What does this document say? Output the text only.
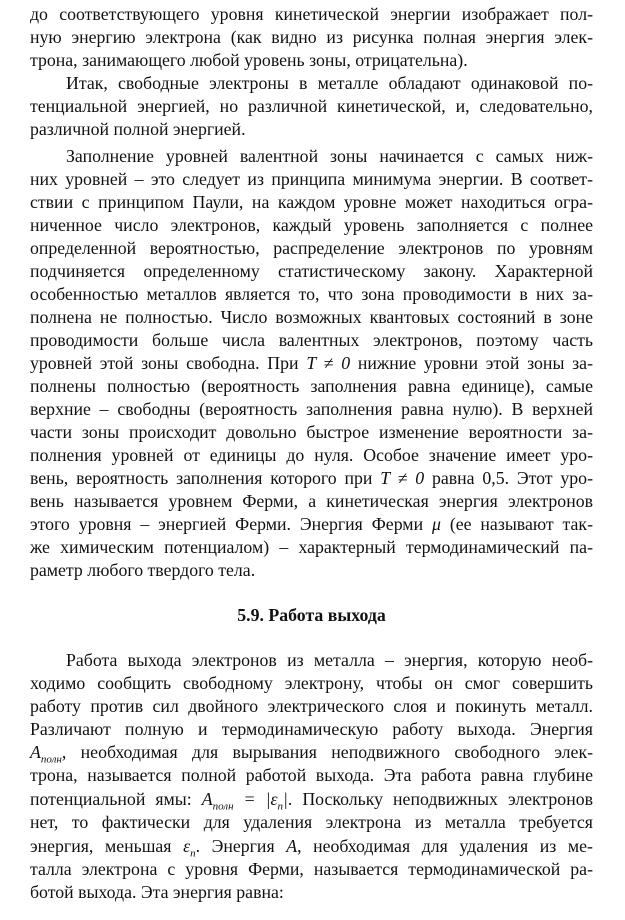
до соответствующего уровня кинетической энергии изображает пол-
ную энергию электрона (как видно из рисунка полная энергия элек-
трона, занимающего любой уровень зоны, отрицательна).
Итак, свободные электроны в металле обладают одинаковой по-
тенциальной энергией, но различной кинетической, и, следовательно,
различной полной энергией.
Заполнение уровней валентной зоны начинается с самых ниж-
них уровней – это следует из принципа минимума энергии. В соответ-
ствии с принципом Паули, на каждом уровне может находиться огра-
ниченное число электронов, каждый уровень заполняется с полнее
определенной вероятностью, распределение электронов по уровням
подчиняется определенному статистическому закону. Характерной
особенностью металлов является то, что зона проводимости в них за-
полнена не полностью. Число возможных квантовых состояний в зоне
проводимости больше числа валентных электронов, поэтому часть
уровней этой зоны свободна. При T ≠ 0 нижние уровни этой зоны за-
полнены полностью (вероятность заполнения равна единице), самые
верхние – свободны (вероятность заполнения равна нулю). В верхней
части зоны происходит довольно быстрое изменение вероятности за-
полнения уровней от единицы до нуля. Особое значение имеет уро-
вень, вероятность заполнения которого при T ≠ 0 равна 0,5. Этот уро-
вень называется уровнем Ферми, а кинетическая энергия электронов
этого уровня – энергией Ферми. Энергия Ферми μ (ее называют так-
же химическим потенциалом) – характерный термодинамический па-
раметр любого твердого тела.
5.9. Работа выхода
Работа выхода электронов из металла – энергия, которую необ-
ходимо сообщить свободному электрону, чтобы он смог совершить
работу против сил двойного электрического слоя и покинуть металл.
Различают полную и термодинамическую работу выхода. Энергия
$A_{полн}$, необходимая для вырывания неподвижного свободного элек-
трона, называется полной работой выхода. Эта работа равна глубине
потенциальной ямы: $A_{полн} = |\varepsilon_n|$. Поскольку неподвижных электронов
нет, то фактически для удаления электрона из металла требуется
энергия, меньшая $\varepsilon_n$. Энергия A, необходимая для удаления из ме-
талла электрона с уровня Ферми, называется термодинамической ра-
ботой выхода. Эта энергия равна:
